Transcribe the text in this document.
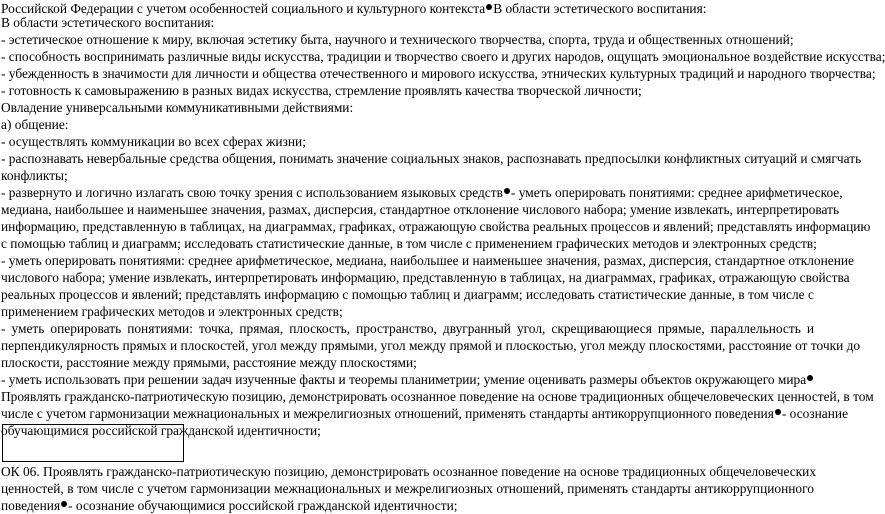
Российской Федерации с учетом особенностей социального и культурного контекста В области эстетического воспитания:
В области эстетического воспитания:
- эстетическое отношение к миру, включая эстетику быта, научного и технического творчества, спорта, труда и общественных отношений;
- способность воспринимать различные виды искусства, традиции и творчество своего и других народов, ощущать эмоциональное воздействие искусства;
- убежденность в значимости для личности и общества отечественного и мирового искусства, этнических культурных традиций и народного творчества;
- готовность к самовыражению в разных видах искусства, стремление проявлять качества творческой личности;
Овладение универсальными коммуникативными действиями:
а) общение:
- осуществлять коммуникации во всех сферах жизни;
- распознавать невербальные средства общения, понимать значение социальных знаков, распознавать предпосылки конфликтных ситуаций и смягчать
конфликты;
- развернуто и логично излагать свою точку зрения с использованием языковых средств - уметь оперировать понятиями: среднее арифметическое,
медиана, наибольшее и наименьшее значения, размах, дисперсия, стандартное отклонение числового набора; умение извлекать, интерпретировать
информацию, представленную в таблицах, на диаграммах, графиках, отражающую свойства реальных процессов и явлений; представлять информацию
с помощью таблиц и диаграмм; исследовать статистические данные, в том числе с применением графических методов и электронных средств;
- уметь оперировать понятиями: среднее арифметическое, медиана, наибольшее и наименьшее значения, размах, дисперсия, стандартное отклонение
числового набора; умение извлекать, интерпретировать информацию, представленную в таблицах, на диаграммах, графиках, отражающую свойства
реальных процессов и явлений; представлять информацию с помощью таблиц и диаграмм; исследовать статистические данные, в том числе с
применением графических методов и электронных средств;
- уметь оперировать понятиями: точка, прямая, плоскость, пространство, двугранный угол, скрещивающиеся прямые, параллельность и
перпендикулярность прямых и плоскостей, угол между прямыми, угол между прямой и плоскостью, угол между плоскостями, расстояние от точки до
плоскости, расстояние между прямыми, расстояние между плоскостями;
- уметь использовать при решении задач изученные факты и теоремы планиметрии; умение оценивать размеры объектов окружающего мира
Проявлять гражданско-патриотическую позицию, демонстрировать осознанное поведение на основе традиционных общечеловеческих ценностей, в том
числе с учетом гармонизации межнациональных и межрелигиозных отношений, применять стандарты антикоррупционного поведения - осознание
обучающимися российской гражданской идентичности;
ОК 06. Проявлять гражданско-патриотическую позицию, демонстрировать осознанное поведение на основе традиционных общечеловеческих
ценностей, в том числе с учетом гармонизации межнациональных и межрелигиозных отношений, применять стандарты антикоррупционного
поведения - осознание обучающимися российской гражданской идентичности;
